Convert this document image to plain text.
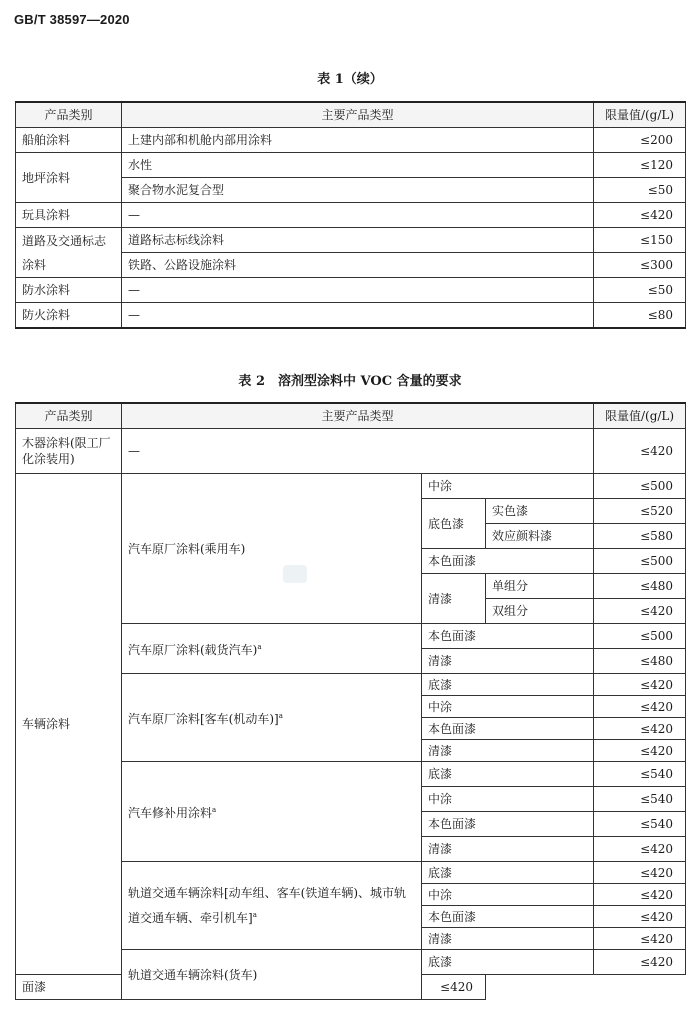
GB/T 38597—2020
表 1（续）
产品类别	主要产品类型	限量值/(g/L)
船舶涂料	上建内部和机舱内部用涂料	≤200
地坪涂料	水性	≤120
	聚合物水泥复合型	≤50
玩具涂料	—	≤420
道路及交通标志涂料	道路标志标线涂料	≤150
	铁路、公路设施涂料	≤300
防水涂料	—	≤50
防火涂料	—	≤80
表 2　溶剂型涂料中 VOC 含量的要求
产品类别	主要产品类型			限量值/(g/L)
木器涂料(限工厂化涂装用)	—			≤420
车辆涂料	汽车原厂涂料(乘用车)	中涂		≤500
		底色漆	实色漆	≤520
			效应颜料漆	≤580
		本色面漆		≤500
		清漆	单组分	≤480
			双组分	≤420
	汽车原厂涂料(载货汽车)$^a$	本色面漆		≤500
		清漆		≤480
	汽车原厂涂料[客车(机动车)]$^a$	底漆		≤420
		中涂		≤420
		本色面漆		≤420
		清漆		≤420
	汽车修补用涂料$^a$	底漆		≤540
		中涂		≤540
		本色面漆		≤540
		清漆		≤420
	轨道交通车辆涂料[动车组、客车(铁道车辆)、城市轨道交通车辆、牵引机车]$^a$	底漆		≤420
		中涂		≤420
		本色面漆		≤420
		清漆		≤420
	轨道交通车辆涂料(货车)	底漆		≤420
面漆		≤420		
